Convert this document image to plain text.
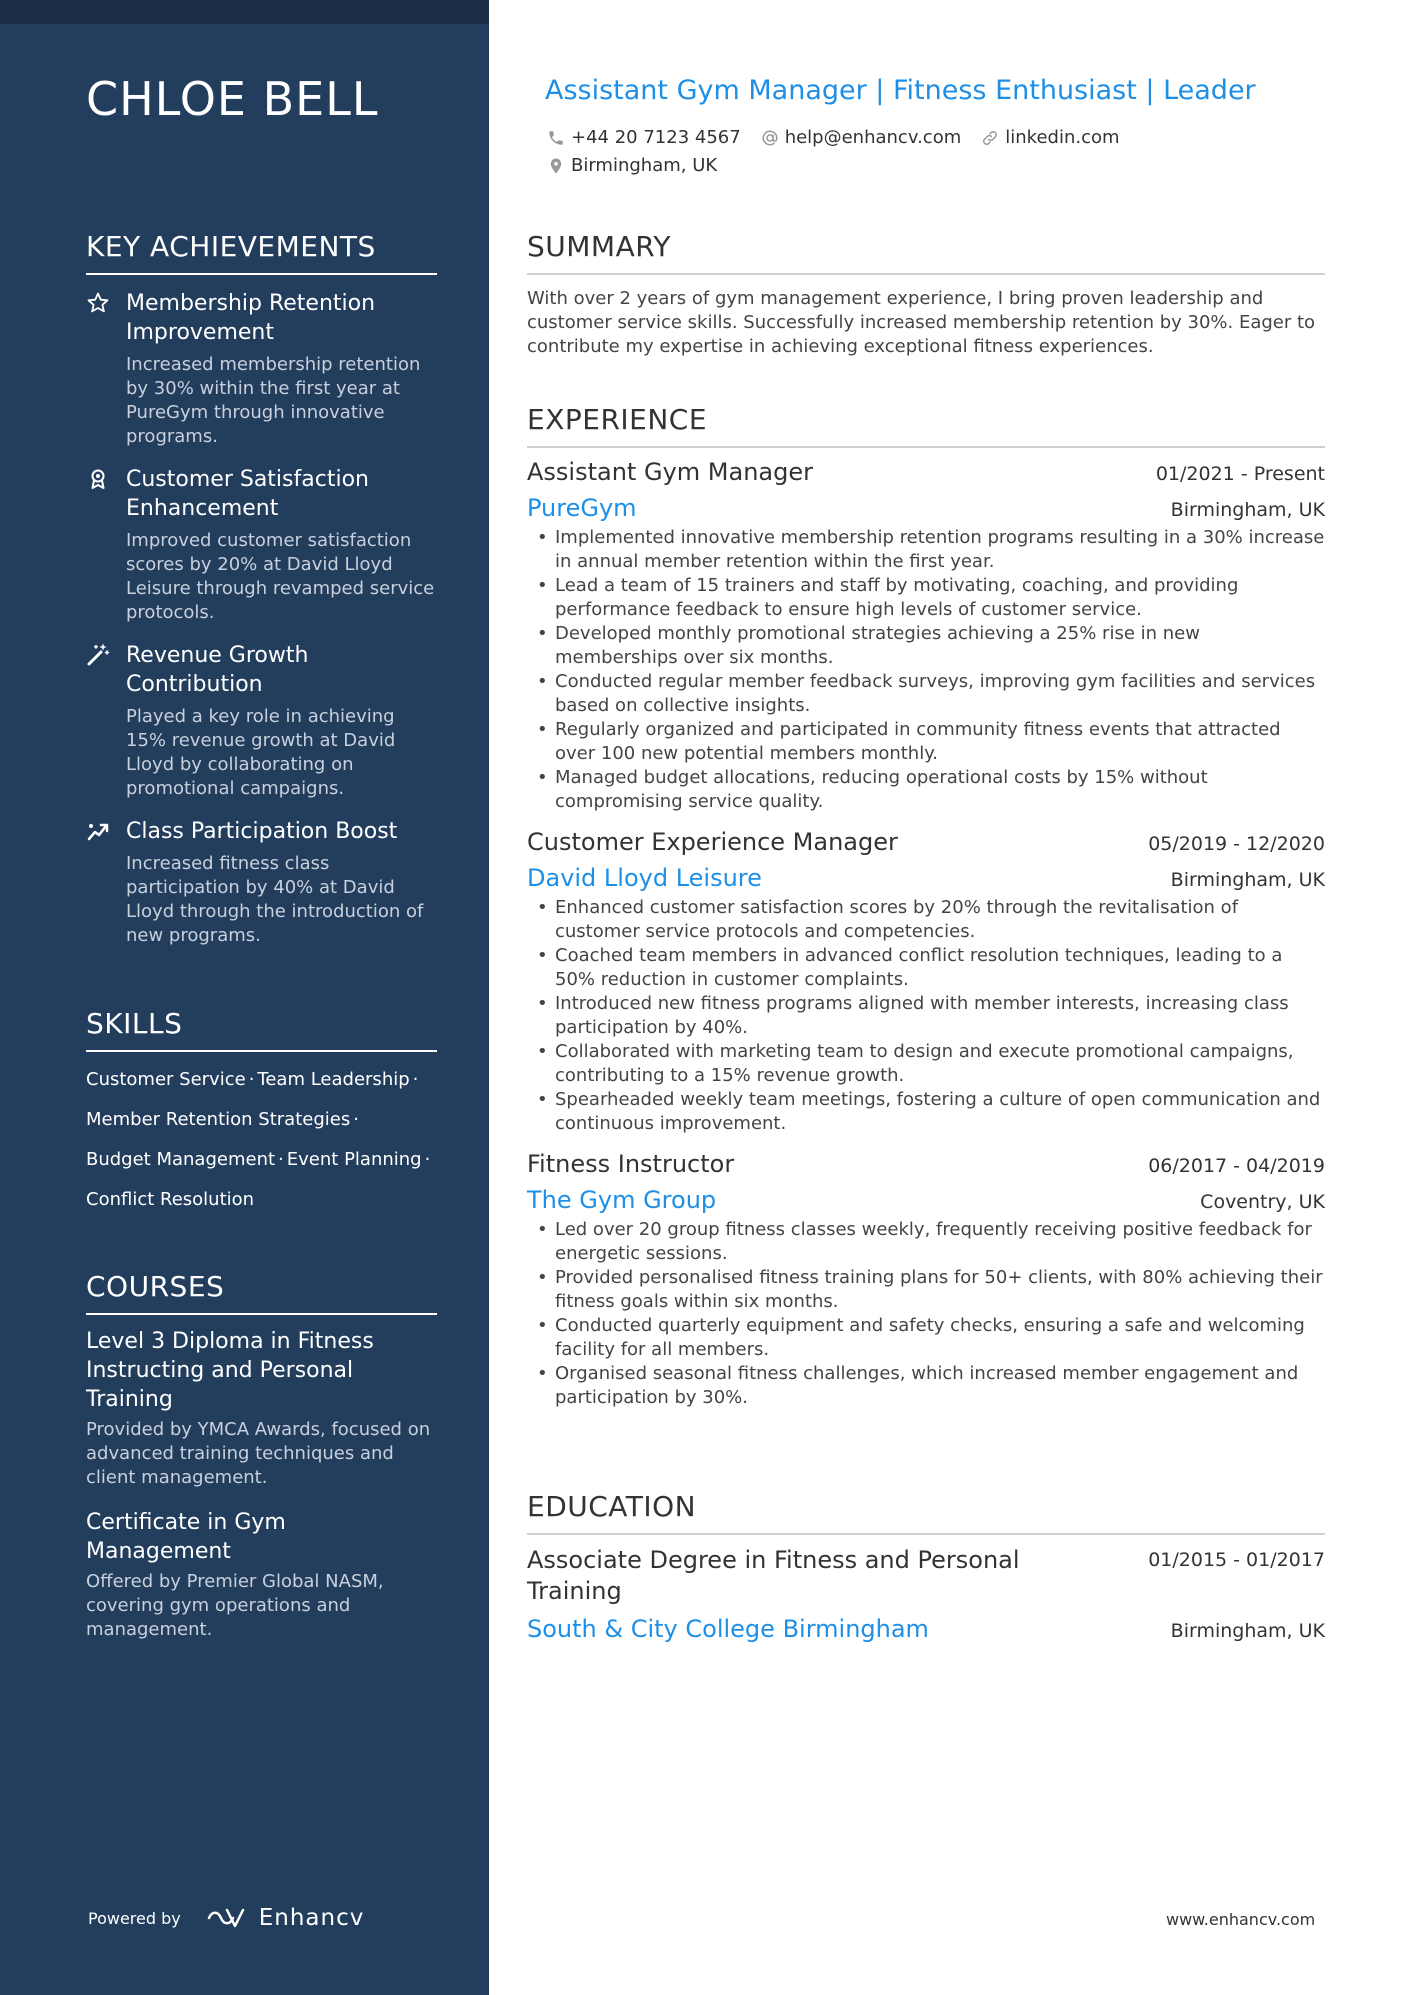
CHLOE BELL
KEY ACHIEVEMENTS
Membership Retention Improvement
Increased membership retention by 30% within the first year at PureGym through innovative programs.
Customer Satisfaction Enhancement
Improved customer satisfaction scores by 20% at David Lloyd Leisure through revamped service protocols.
Revenue Growth Contribution
Played a key role in achieving 15% revenue growth at David Lloyd by collaborating on promotional campaigns.
Class Participation Boost
Increased fitness class participation by 40% at David Lloyd through the introduction of new programs.
SKILLS
Customer Service · Team Leadership ·
Member Retention Strategies ·
Budget Management · Event Planning ·
Conflict Resolution
COURSES
Level 3 Diploma in Fitness Instructing and Personal Training
Provided by YMCA Awards, focused on advanced training techniques and client management.
Certificate in Gym Management
Offered by Premier Global NASM, covering gym operations and management.
Powered by	Enhancv
Assistant Gym Manager | Fitness Enthusiast | Leader
+44 20 7123 4567 help@enhancv.com linkedin.com
Birmingham, UK
SUMMARY
With over 2 years of gym management experience, I bring proven leadership and customer service skills. Successfully increased membership retention by 30%. Eager to contribute my expertise in achieving exceptional fitness experiences.
EXPERIENCE
Assistant Gym Manager	01/2021 - Present
PureGym	Birmingham, UK
• Implemented innovative membership retention programs resulting in a 30% increase in annual member retention within the first year.
• Lead a team of 15 trainers and staff by motivating, coaching, and providing performance feedback to ensure high levels of customer service.
• Developed monthly promotional strategies achieving a 25% rise in new memberships over six months.
• Conducted regular member feedback surveys, improving gym facilities and services based on collective insights.
• Regularly organized and participated in community fitness events that attracted over 100 new potential members monthly.
• Managed budget allocations, reducing operational costs by 15% without compromising service quality.
Customer Experience Manager	05/2019 - 12/2020
David Lloyd Leisure	Birmingham, UK
• Enhanced customer satisfaction scores by 20% through the revitalisation of customer service protocols and competencies.
• Coached team members in advanced conflict resolution techniques, leading to a 50% reduction in customer complaints.
• Introduced new fitness programs aligned with member interests, increasing class participation by 40%.
• Collaborated with marketing team to design and execute promotional campaigns, contributing to a 15% revenue growth.
• Spearheaded weekly team meetings, fostering a culture of open communication and continuous improvement.
Fitness Instructor	06/2017 - 04/2019
The Gym Group	Coventry, UK
• Led over 20 group fitness classes weekly, frequently receiving positive feedback for energetic sessions.
• Provided personalised fitness training plans for 50+ clients, with 80% achieving their fitness goals within six months.
• Conducted quarterly equipment and safety checks, ensuring a safe and welcoming facility for all members.
• Organised seasonal fitness challenges, which increased member engagement and participation by 30%.
EDUCATION
Associate Degree in Fitness and Personal Training
01/2015 - 01/2017
South & City College Birmingham	Birmingham, UK
www.enhancv.com
